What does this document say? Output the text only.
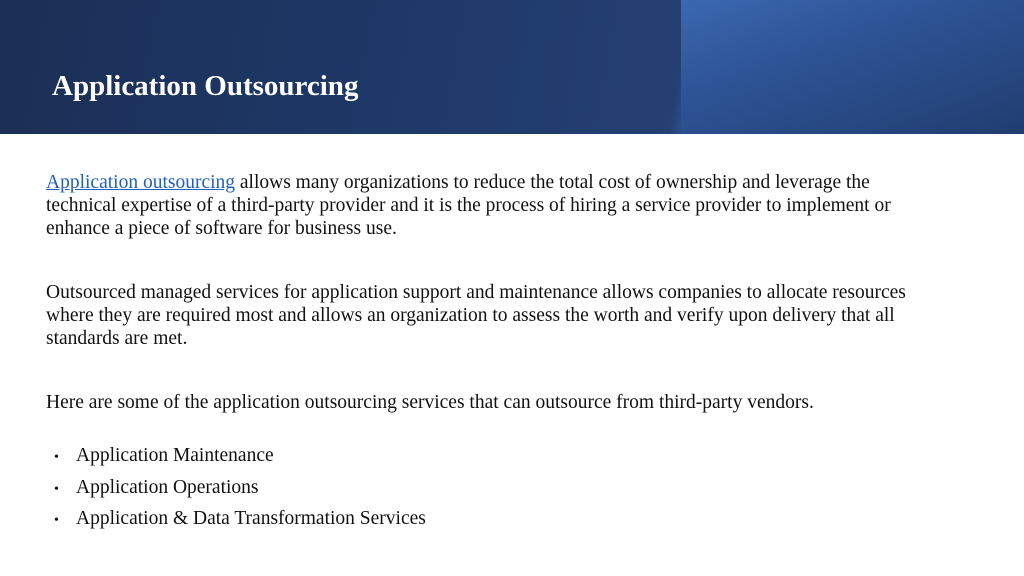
Application Outsourcing

Application outsourcing allows many organizations to reduce the total cost of ownership and leverage the technical expertise of a third-party provider and it is the process of hiring a service provider to implement or enhance a piece of software for business use.

Outsourced managed services for application support and maintenance allows companies to allocate resources where they are required most and allows an organization to assess the worth and verify upon delivery that all standards are met.

Here are some of the application outsourcing services that can outsource from third-party vendors.

• Application Maintenance
• Application Operations
• Application & Data Transformation Services
